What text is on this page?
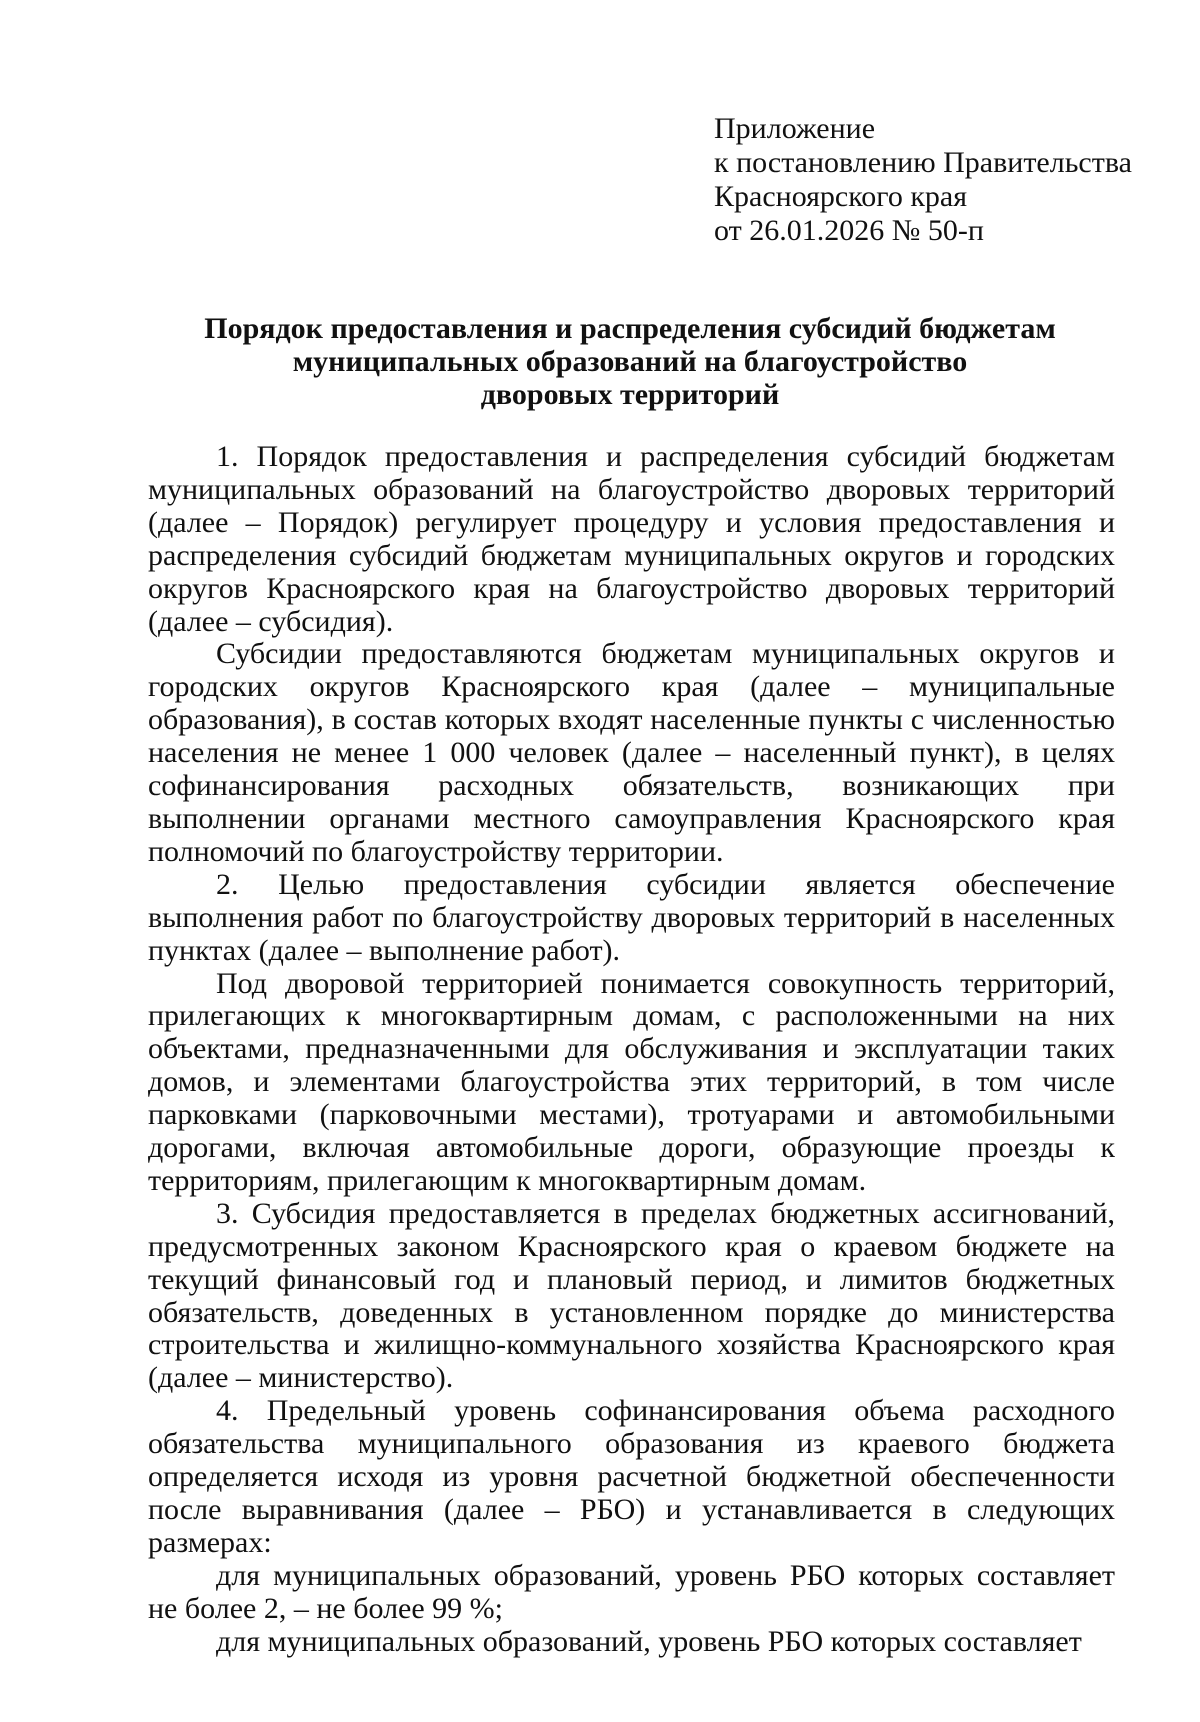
Приложение
к постановлению Правительства
Красноярского края
от 26.01.2026 № 50-п
Порядок предоставления и распределения субсидий бюджетам
муниципальных образований на благоустройство
дворовых территорий

1. Порядок предоставления и распределения субсидий бюджетам муниципальных образований на благоустройство дворовых территорий (далее – Порядок) регулирует процедуру и условия предоставления и распределения субсидий бюджетам муниципальных округов и городских округов Красноярского края на благоустройство дворовых территорий (далее – субсидия).

Субсидии предоставляются бюджетам муниципальных округов и городских округов Красноярского края (далее – муниципальные образования), в состав которых входят населенные пункты с численностью населения не менее 1 000 человек (далее – населенный пункт), в целях софинансирования расходных обязательств, возникающих при выполнении органами местного самоуправления Красноярского края полномочий по благоустройству территории.

2. Целью предоставления субсидии является обеспечение выполнения работ по благоустройству дворовых территорий в населенных пунктах (далее – выполнение работ).

Под дворовой территорией понимается совокупность территорий, прилегающих к многоквартирным домам, с расположенными на них объектами, предназначенными для обслуживания и эксплуатации таких домов, и элементами благоустройства этих территорий, в том числе парковками (парковочными местами), тротуарами и автомобильными дорогами, включая автомобильные дороги, образующие проезды к территориям, прилегающим к многоквартирным домам.

3. Субсидия предоставляется в пределах бюджетных ассигнований, предусмотренных законом Красноярского края о краевом бюджете на текущий финансовый год и плановый период, и лимитов бюджетных обязательств, доведенных в установленном порядке до министерства строительства и жилищно-коммунального хозяйства Красноярского края (далее – министерство).

4. Предельный уровень софинансирования объема расходного обязательства муниципального образования из краевого бюджета определяется исходя из уровня расчетной бюджетной обеспеченности после выравнивания (далее – РБО) и устанавливается в следующих размерах:

для муниципальных образований, уровень РБО которых составляет не более 2, – не более 99 %;

для муниципальных образований, уровень РБО которых составляет
